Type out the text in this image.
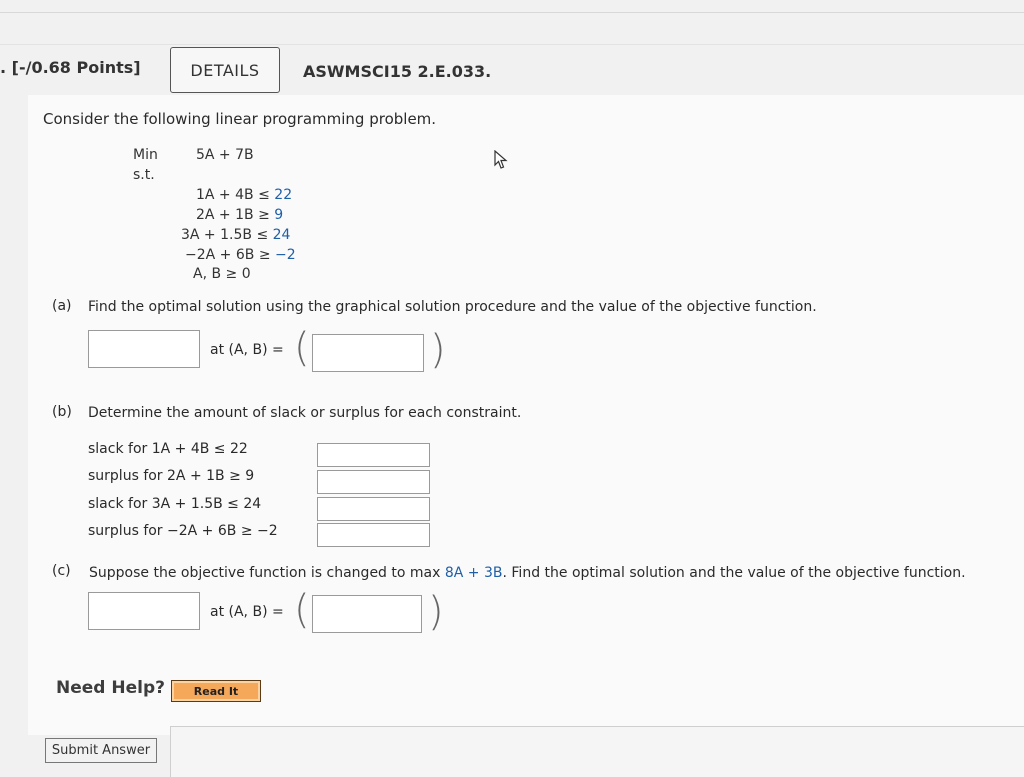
. [-/0.68 Points]	DETAILS	ASWMSCI15 2.E.033.
Consider the following linear programming problem.
Min	5A + 7B
s.t.
1A + 4B ≤ 22
2A + 1B ≥ 9
3A + 1.5B ≤ 24
−2A + 6B ≥ −2
A, B ≥ 0
(a) Find the optimal solution using the graphical solution procedure and the value of the objective function.
at (A, B) = (	)
(b) Determine the amount of slack or surplus for each constraint.
slack for 1A + 4B ≤ 22
surplus for 2A + 1B ≥ 9
slack for 3A + 1.5B ≤ 24
surplus for −2A + 6B ≥ −2
(c) Suppose the objective function is changed to max 8A + 3B. Find the optimal solution and the value of the objective function.
at (A, B) = (	)
Need Help?	Read It
Submit Answer
